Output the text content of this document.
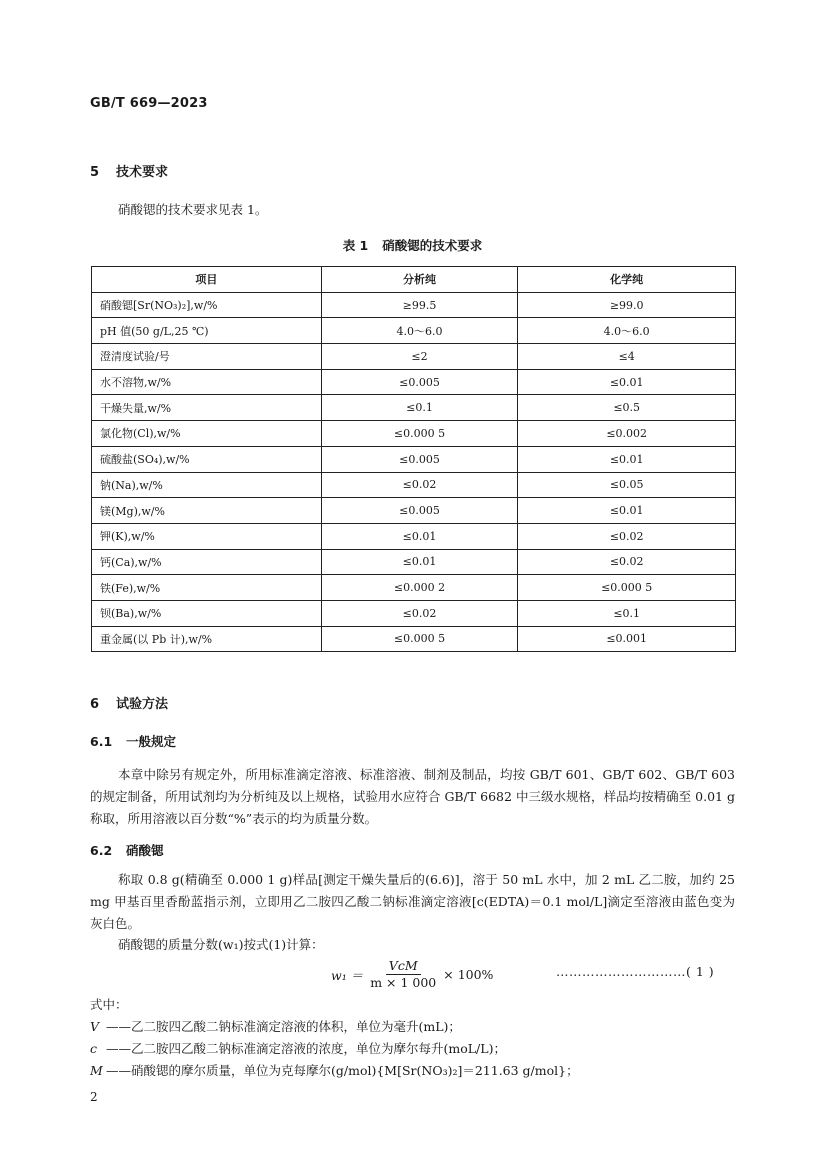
GB/T 669—2023
5 技术要求
硝酸锶的技术要求见表 1。
表 1 硝酸锶的技术要求
项目	分析纯	化学纯
硝酸锶[Sr(NO₃)₂],w/%	≥99.5	≥99.0
pH 值(50 g/L,25 ℃)	4.0～6.0	4.0～6.0
澄清度试验/号	≤2	≤4
水不溶物,w/%	≤0.005	≤0.01
干燥失量,w/%	≤0.1	≤0.5
氯化物(Cl),w/%	≤0.000 5	≤0.002
硫酸盐(SO₄),w/%	≤0.005	≤0.01
钠(Na),w/%	≤0.02	≤0.05
镁(Mg),w/%	≤0.005	≤0.01
钾(K),w/%	≤0.01	≤0.02
钙(Ca),w/%	≤0.01	≤0.02
铁(Fe),w/%	≤0.000 2	≤0.000 5
钡(Ba),w/%	≤0.02	≤0.1
重金属(以 Pb 计),w/%	≤0.000 5	≤0.001
6 试验方法
6.1 一般规定
本章中除另有规定外，所用标准滴定溶液、标准溶液、制剂及制品，均按 GB/T 601、GB/T 602、GB/T 603 的规定制备，所用试剂均为分析纯及以上规格，试验用水应符合 GB/T 6682 中三级水规格，样品均按精确至 0.01 g 称取，所用溶液以百分数“%”表示的均为质量分数。
6.2 硝酸锶
称取 0.8 g(精确至 0.000 1 g)样品[测定干燥失量后的(6.6)]，溶于 50 mL 水中，加 2 mL 乙二胺，加约 25 mg 甲基百里香酚蓝指示剂，立即用乙二胺四乙酸二钠标准滴定溶液[c(EDTA)＝0.1 mol/L]滴定至溶液由蓝色变为灰白色。
硝酸锶的质量分数(w₁)按式(1)计算：
$w_1 = \frac{\text{VcM}}{m \times 1 000} \times 100\%$	…………………………( 1 )
式中：
V ——乙二胺四乙酸二钠标准滴定溶液的体积，单位为毫升(mL)；
c ——乙二胺四乙酸二钠标准滴定溶液的浓度，单位为摩尔每升(moL/L)；
M ——硝酸锶的摩尔质量，单位为克每摩尔(g/mol){M[Sr(NO₃)₂]＝211.63 g/mol}；
2
